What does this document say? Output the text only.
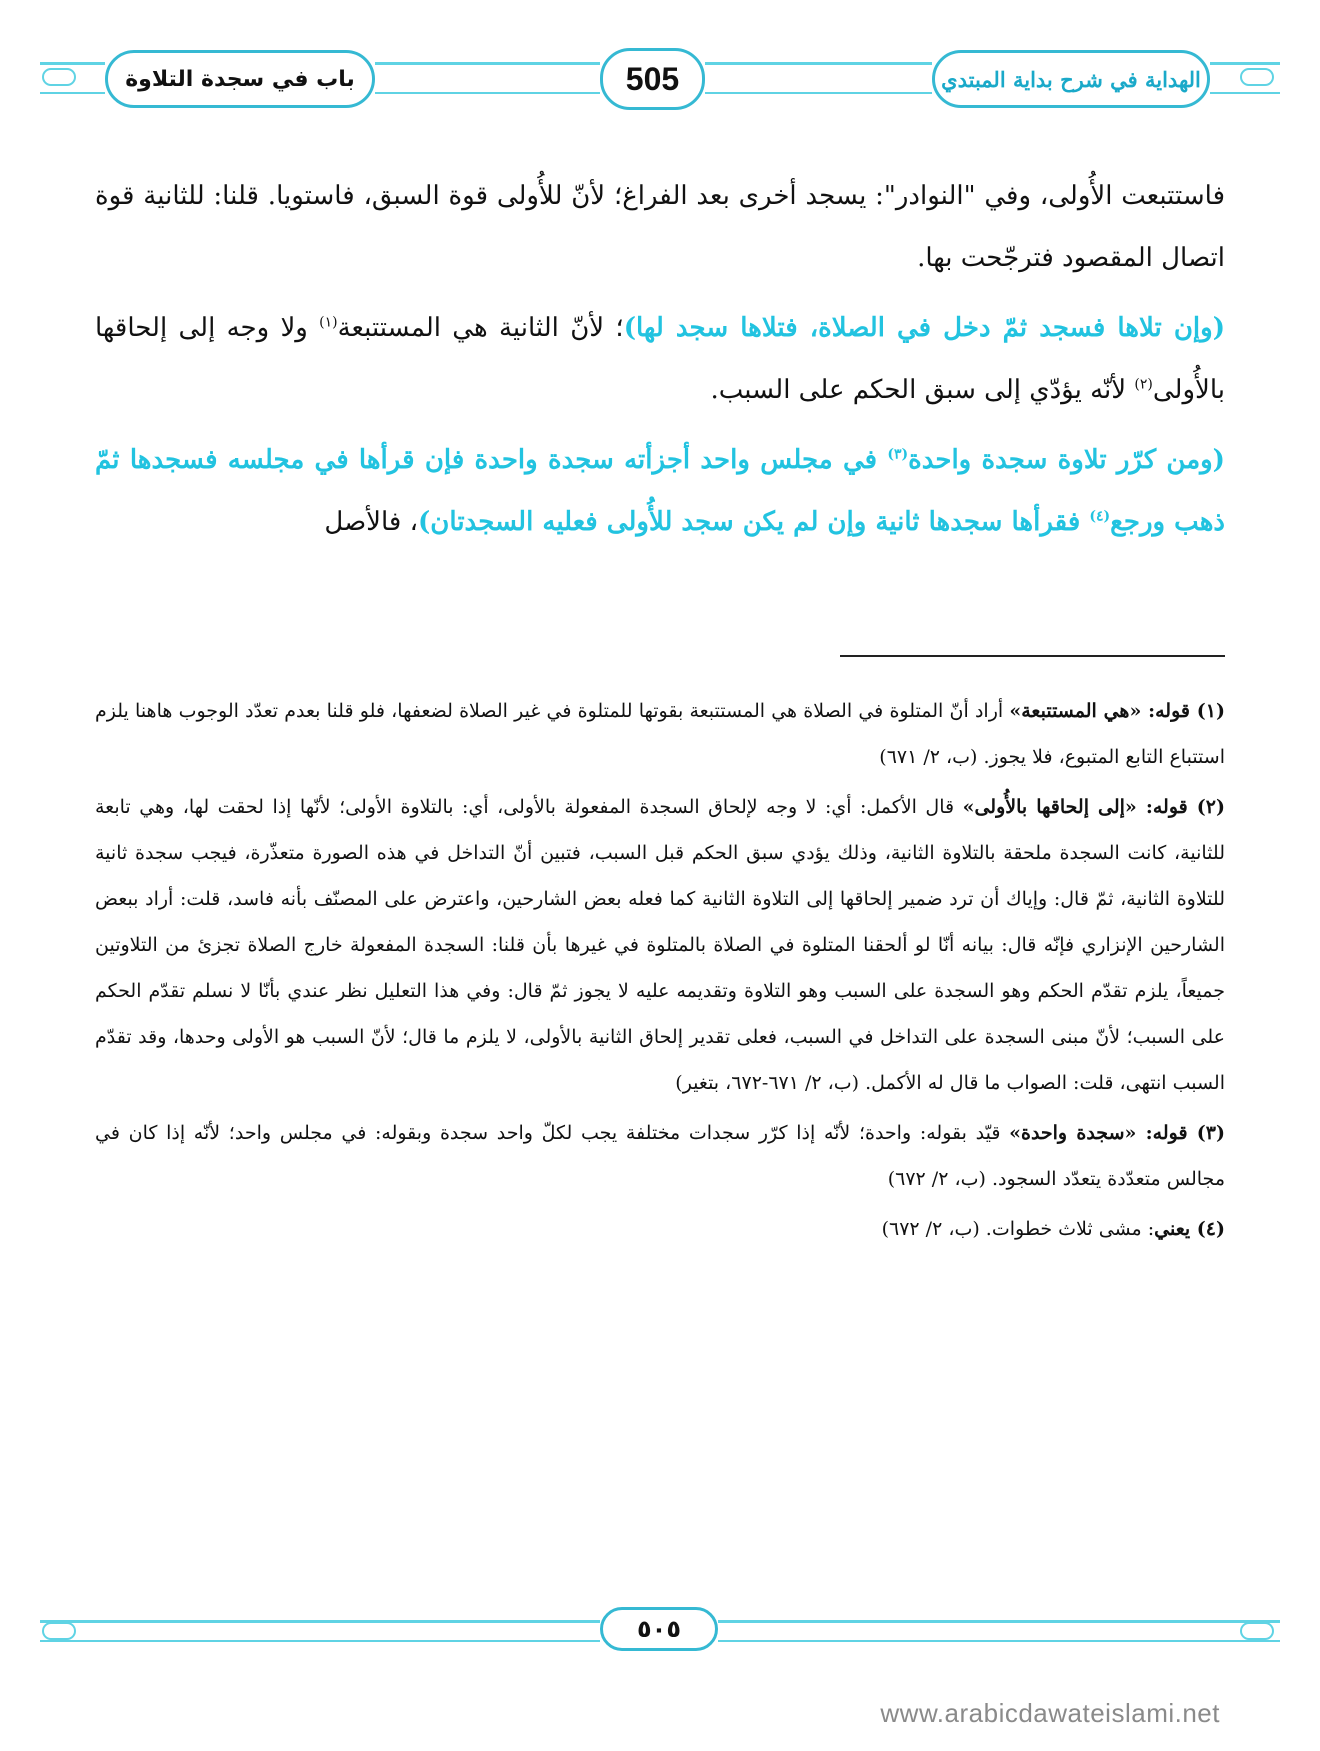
باب في سجدة التلاوة	505	الهداية في شرح بداية المبتدي

فاستتبعت الأُولى، وفي "النوادر": يسجد أخرى بعد الفراغ؛ لأنّ للأُولى قوة السبق، فاستويا. قلنا: للثانية قوة اتصال المقصود فترجّحت بها.

(وإن تلاها فسجد ثمّ دخل في الصلاة، فتلاها سجد لها)؛ لأنّ الثانية هي المستتبعة$^{(١)}$ ولا وجه إلى إلحاقها بالأُولى$^{(٢)}$ لأنّه يؤدّي إلى سبق الحكم على السبب.

(ومن كرّر تلاوة سجدة واحدة$^{(٣)}$ في مجلس واحد أجزأته سجدة واحدة فإن قرأها في مجلسه فسجدها ثمّ ذهب ورجع$^{(٤)}$ فقرأها سجدها ثانية وإن لم يكن سجد للأُولى فعليه السجدتان)، فالأصل

(١) قوله: «هي المستتبعة» أراد أنّ المتلوة في الصلاة هي المستتبعة بقوتها للمتلوة في غير الصلاة لضعفها، فلو قلنا بعدم تعدّد الوجوب هاهنا يلزم استتباع التابع المتبوع، فلا يجوز. (ب، ٢/ ٦٧١)

(٢) قوله: «إلى إلحاقها بالأُولى» قال الأكمل: أي: لا وجه لإلحاق السجدة المفعولة بالأولى، أي: بالتلاوة الأولى؛ لأنّها إذا لحقت لها، وهي تابعة للثانية، كانت السجدة ملحقة بالتلاوة الثانية، وذلك يؤدي سبق الحكم قبل السبب، فتبين أنّ التداخل في هذه الصورة متعذّرة، فيجب سجدة ثانية للتلاوة الثانية، ثمّ قال: وإياك أن ترد ضمير إلحاقها إلى التلاوة الثانية كما فعله بعض الشارحين، واعترض على المصنّف بأنه فاسد، قلت: أراد ببعض الشارحين الإنزاري فإنّه قال: بيانه أنّا لو ألحقنا المتلوة في الصلاة بالمتلوة في غيرها بأن قلنا: السجدة المفعولة خارج الصلاة تجزئ من التلاوتين جميعاً، يلزم تقدّم الحكم وهو السجدة على السبب وهو التلاوة وتقديمه عليه لا يجوز ثمّ قال: وفي هذا التعليل نظر عندي بأنّا لا نسلم تقدّم الحكم على السبب؛ لأنّ مبنى السجدة على التداخل في السبب، فعلى تقدير إلحاق الثانية بالأولى، لا يلزم ما قال؛ لأنّ السبب هو الأولى وحدها، وقد تقدّم السبب انتهى، قلت: الصواب ما قال له الأكمل. (ب، ٢/ ٦٧١-٦٧٢، بتغير)

(٣) قوله: «سجدة واحدة» قيّد بقوله: واحدة؛ لأنّه إذا كرّر سجدات مختلفة يجب لكلّ واحد سجدة وبقوله: في مجلس واحد؛ لأنّه إذا كان في مجالس متعدّدة يتعدّد السجود. (ب، ٢/ ٦٧٢)

(٤) يعني: مشى ثلاث خطوات. (ب، ٢/ ٦٧٢)

٥٠٥
www.arabicdawateislami.net
